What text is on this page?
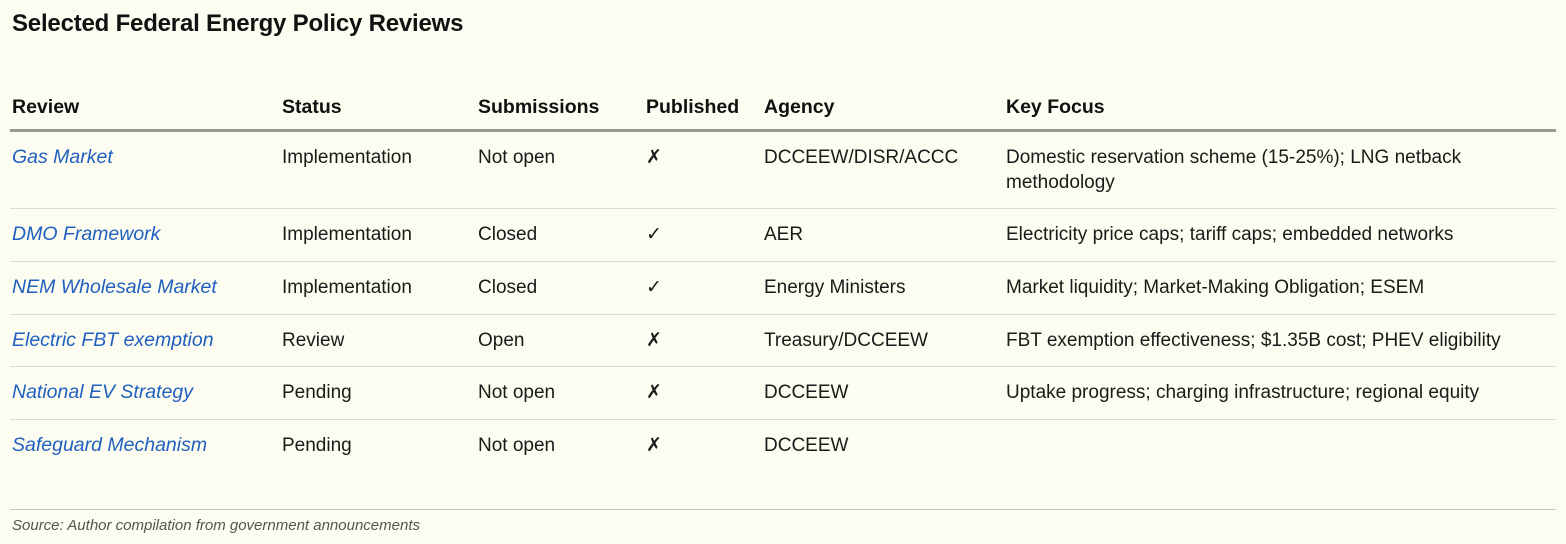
Selected Federal Energy Policy Reviews
Review	Status	Submissions	Published	Agency	Key Focus
Gas Market	Implementation	Not open	✗	DCCEEW/DISR/ACCC	Domestic reservation scheme (15-25%); LNG netback methodology
DMO Framework	Implementation	Closed	✓	AER	Electricity price caps; tariff caps; embedded networks
NEM Wholesale Market	Implementation	Closed	✓	Energy Ministers	Market liquidity; Market-Making Obligation; ESEM
Electric FBT exemption	Review	Open	✗	Treasury/DCCEEW	FBT exemption effectiveness; $1.35B cost; PHEV eligibility
National EV Strategy	Pending	Not open	✗	DCCEEW	Uptake progress; charging infrastructure; regional equity
Safeguard Mechanism	Pending	Not open	✗	DCCEEW	
Source: Author compilation from government announcements
